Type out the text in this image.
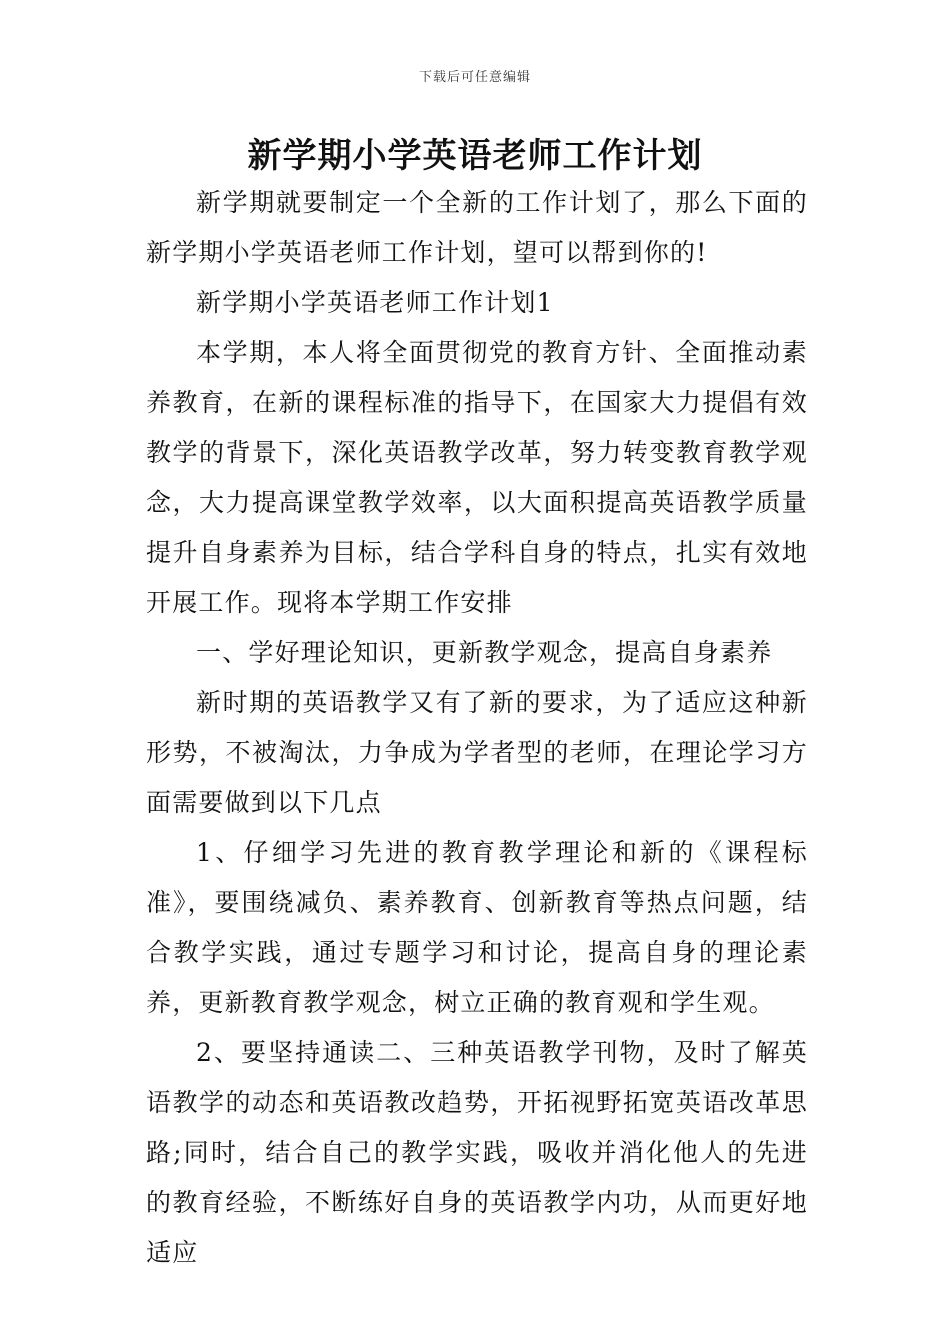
下载后可任意编辑
新学期小学英语老师工作计划

新学期就要制定一个全新的工作计划了，那么下面的新学期小学英语老师工作计划，望可以帮到你的!

新学期小学英语老师工作计划1

本学期，本人将全面贯彻党的教育方针、全面推动素养教育，在新的课程标准的指导下，在国家大力提倡有效教学的背景下，深化英语教学改革，努力转变教育教学观念，大力提高课堂教学效率，以大面积提高英语教学质量提升自身素养为目标，结合学科自身的特点，扎实有效地开展工作。现将本学期工作安排

一、学好理论知识，更新教学观念，提高自身素养

新时期的英语教学又有了新的要求，为了适应这种新形势，不被淘汰，力争成为学者型的老师，在理论学习方面需要做到以下几点

1、仔细学习先进的教育教学理论和新的《课程标准》，要围绕减负、素养教育、创新教育等热点问题，结合教学实践，通过专题学习和讨论，提高自身的理论素养，更新教育教学观念，树立正确的教育观和学生观。

2、要坚持通读二、三种英语教学刊物，及时了解英语教学的动态和英语教改趋势，开拓视野拓宽英语改革思路;同时，结合自己的教学实践，吸收并消化他人的先进的教育经验，不断练好自身的英语教学内功，从而更好地适应
